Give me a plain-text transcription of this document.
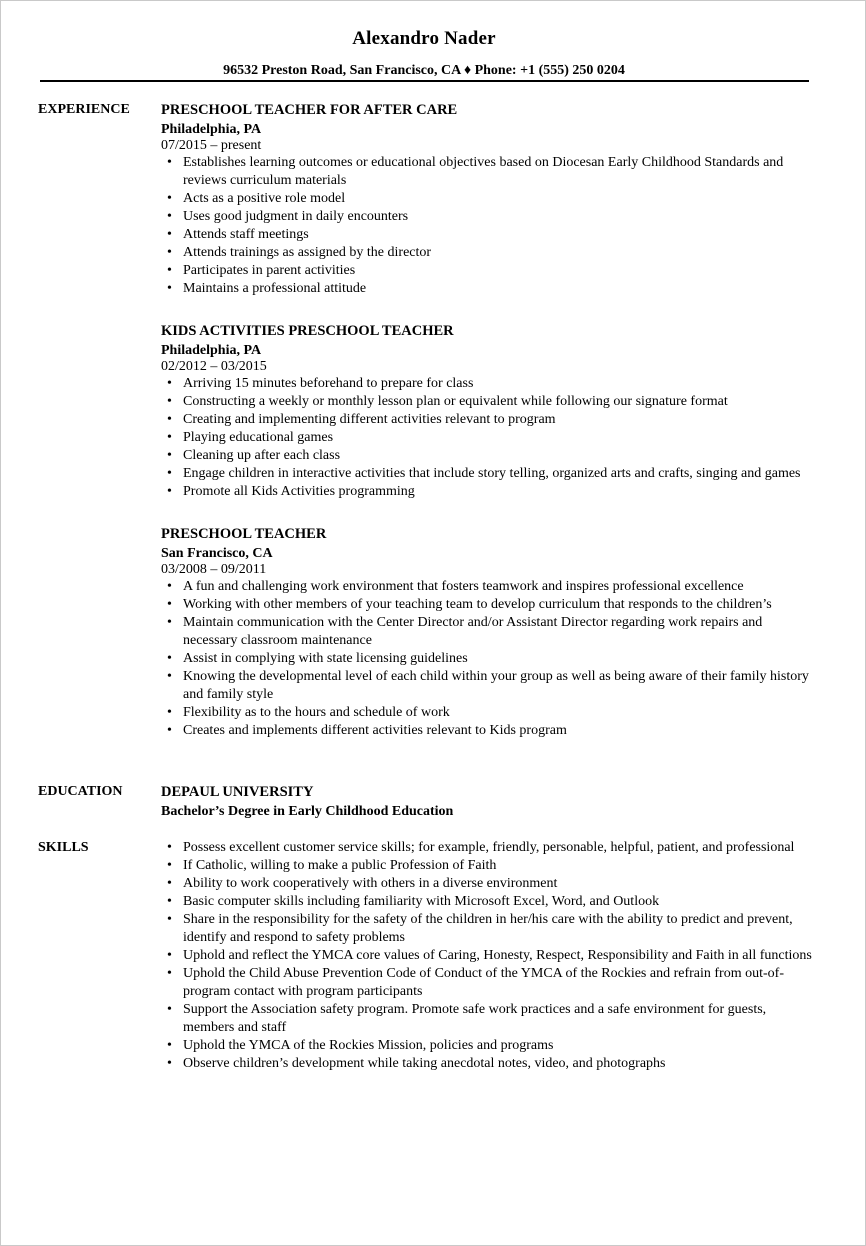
Alexandro Nader
96532 Preston Road, San Francisco, CA ♦ Phone: +1 (555) 250 0204
EXPERIENCE PRESCHOOL TEACHER FOR AFTER CARE
Philadelphia, PA
07/2015 – present
• Establishes learning outcomes or educational objectives based on Diocesan Early Childhood Standards and reviews curriculum materials
• Acts as a positive role model
• Uses good judgment in daily encounters
• Attends staff meetings
• Attends trainings as assigned by the director
• Participates in parent activities
• Maintains a professional attitude
KIDS ACTIVITIES PRESCHOOL TEACHER
Philadelphia, PA
02/2012 – 03/2015
• Arriving 15 minutes beforehand to prepare for class
• Constructing a weekly or monthly lesson plan or equivalent while following our signature format
• Creating and implementing different activities relevant to program
• Playing educational games
• Cleaning up after each class
• Engage children in interactive activities that include story telling, organized arts and crafts, singing and games
• Promote all Kids Activities programming
PRESCHOOL TEACHER
San Francisco, CA
03/2008 – 09/2011
• A fun and challenging work environment that fosters teamwork and inspires professional excellence
• Working with other members of your teaching team to develop curriculum that responds to the children’s
• Maintain communication with the Center Director and/or Assistant Director regarding work repairs and necessary classroom maintenance
• Assist in complying with state licensing guidelines
• Knowing the developmental level of each child within your group as well as being aware of their family history and family style
• Flexibility as to the hours and schedule of work
• Creates and implements different activities relevant to Kids program
EDUCATION	DEPAUL UNIVERSITY
Bachelor’s Degree in Early Childhood Education
SKILLS
•	Possess excellent customer service skills; for example, friendly, personable, helpful, patient, and professional
• If Catholic, willing to make a public Profession of Faith
• Ability to work cooperatively with others in a diverse environment
• Basic computer skills including familiarity with Microsoft Excel, Word, and Outlook
• Share in the responsibility for the safety of the children in her/his care with the ability to predict and prevent, identify and respond to safety problems
• Uphold and reflect the YMCA core values of Caring, Honesty, Respect, Responsibility and Faith in all functions
• Uphold the Child Abuse Prevention Code of Conduct of the YMCA of the Rockies and refrain from out-of-program contact with program participants
• Support the Association safety program. Promote safe work practices and a safe environment for guests, members and staff
• Uphold the YMCA of the Rockies Mission, policies and programs
• Observe children’s development while taking anecdotal notes, video, and photographs
